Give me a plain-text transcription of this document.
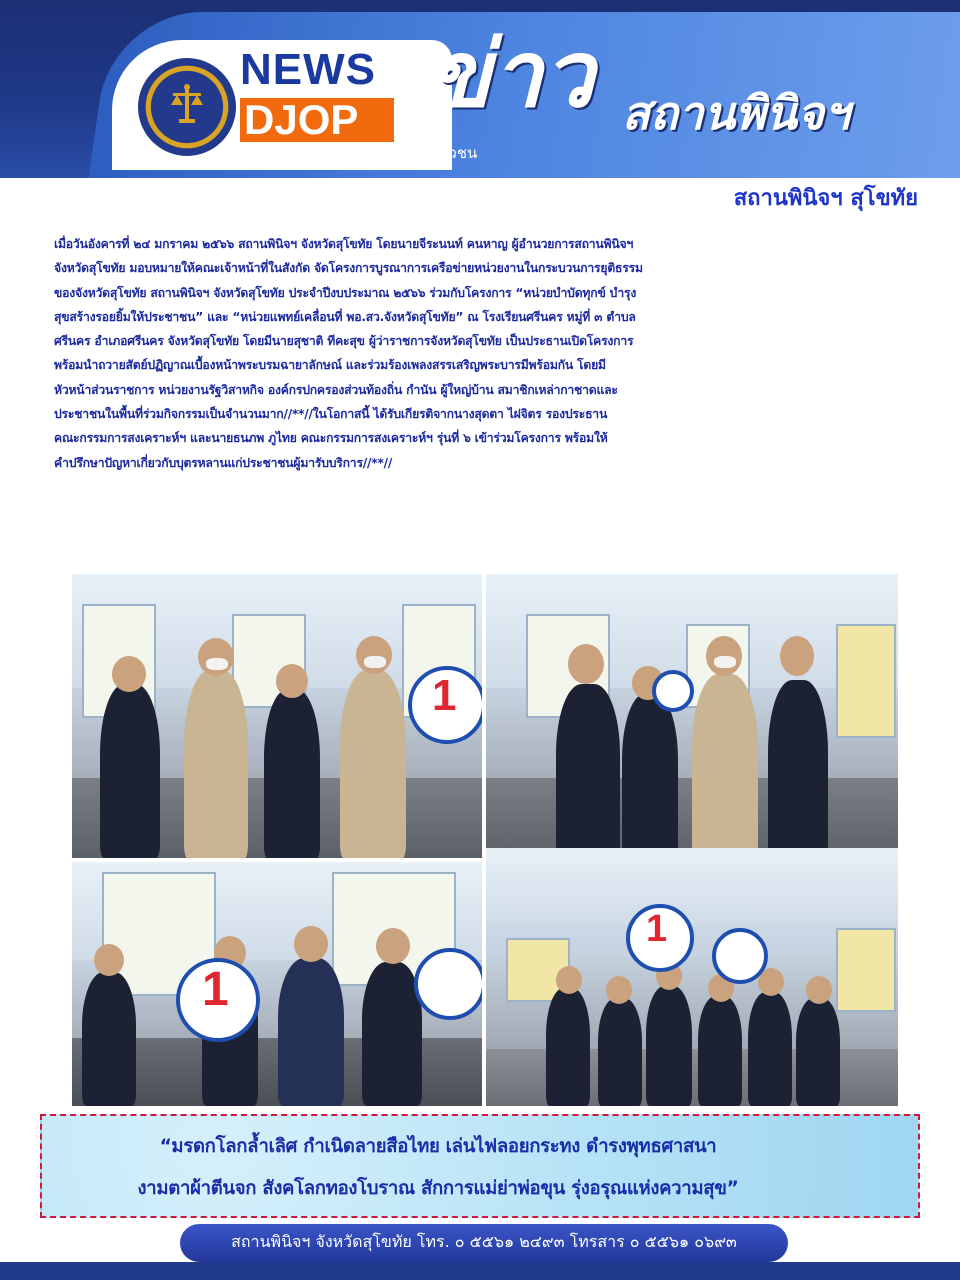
NEWS
DJOP
กรมพินิจและคุ้มครองเด็กและเยาวชน
ข่าว สถานพินิจฯ
สถานพินิจฯ สุโขทัย
เมื่อวันอังคารที่ ๒๔ มกราคม ๒๕๖๖ สถานพินิจฯ จังหวัดสุโขทัย โดยนายจีระนนท์ คนหาญ ผู้อำนวยการสถานพินิจฯ
จังหวัดสุโขทัย มอบหมายให้คณะเจ้าหน้าที่ในสังกัด จัดโครงการบูรณาการเครือข่ายหน่วยงานในกระบวนการยุติธรรม
ของจังหวัดสุโขทัย สถานพินิจฯ จังหวัดสุโขทัย ประจำปีงบประมาณ ๒๕๖๖ ร่วมกับโครงการ “หน่วยบำบัดทุกข์ บำรุง
สุขสร้างรอยยิ้มให้ประชาชน” และ “หน่วยแพทย์เคลื่อนที่ พอ.สว.จังหวัดสุโขทัย” ณ โรงเรียนศรีนคร หมู่ที่ ๓ ตำบล
ศรีนคร อำเภอศรีนคร จังหวัดสุโขทัย โดยมีนายสุชาติ ทีคะสุข ผู้ว่าราชการจังหวัดสุโขทัย เป็นประธานเปิดโครงการ
พร้อมนำถวายสัตย์ปฏิญาณเบื้องหน้าพระบรมฉายาลักษณ์ และร่วมร้องเพลงสรรเสริญพระบารมีพร้อมกัน โดยมี
หัวหน้าส่วนราชการ หน่วยงานรัฐวิสาหกิจ องค์กรปกครองส่วนท้องถิ่น กำนัน ผู้ใหญ่บ้าน สมาชิกเหล่ากาชาดและ
ประชาชนในพื้นที่ร่วมกิจกรรมเป็นจำนวนมาก//**//ในโอกาสนี้ ได้รับเกียรติจากนางสุดตา ไฝจิตร รองประธาน
คณะกรรมการสงเคราะห์ฯ และนายธนภพ ภูไทย คณะกรรมการสงเคราะห์ฯ รุ่นที่ ๖ เข้าร่วมโครงการ พร้อมให้
คำปรึกษาปัญหาเกี่ยวกับบุตรหลานแก่ประชาชนผู้มารับบริการ//**//
1
1
1
“มรดกโลกล้ำเลิศ กำเนิดลายสือไทย เล่นไฟลอยกระทง ดำรงพุทธศาสนา
งามตาผ้าตีนจก สังคโลกทองโบราณ สักการแม่ย่าพ่อขุน รุ่งอรุณแห่งความสุข”
สถานพินิจฯ จังหวัดสุโขทัย โทร. ๐ ๕๕๖๑ ๒๔๙๓ โทรสาร ๐ ๕๕๖๑ ๐๖๙๓
